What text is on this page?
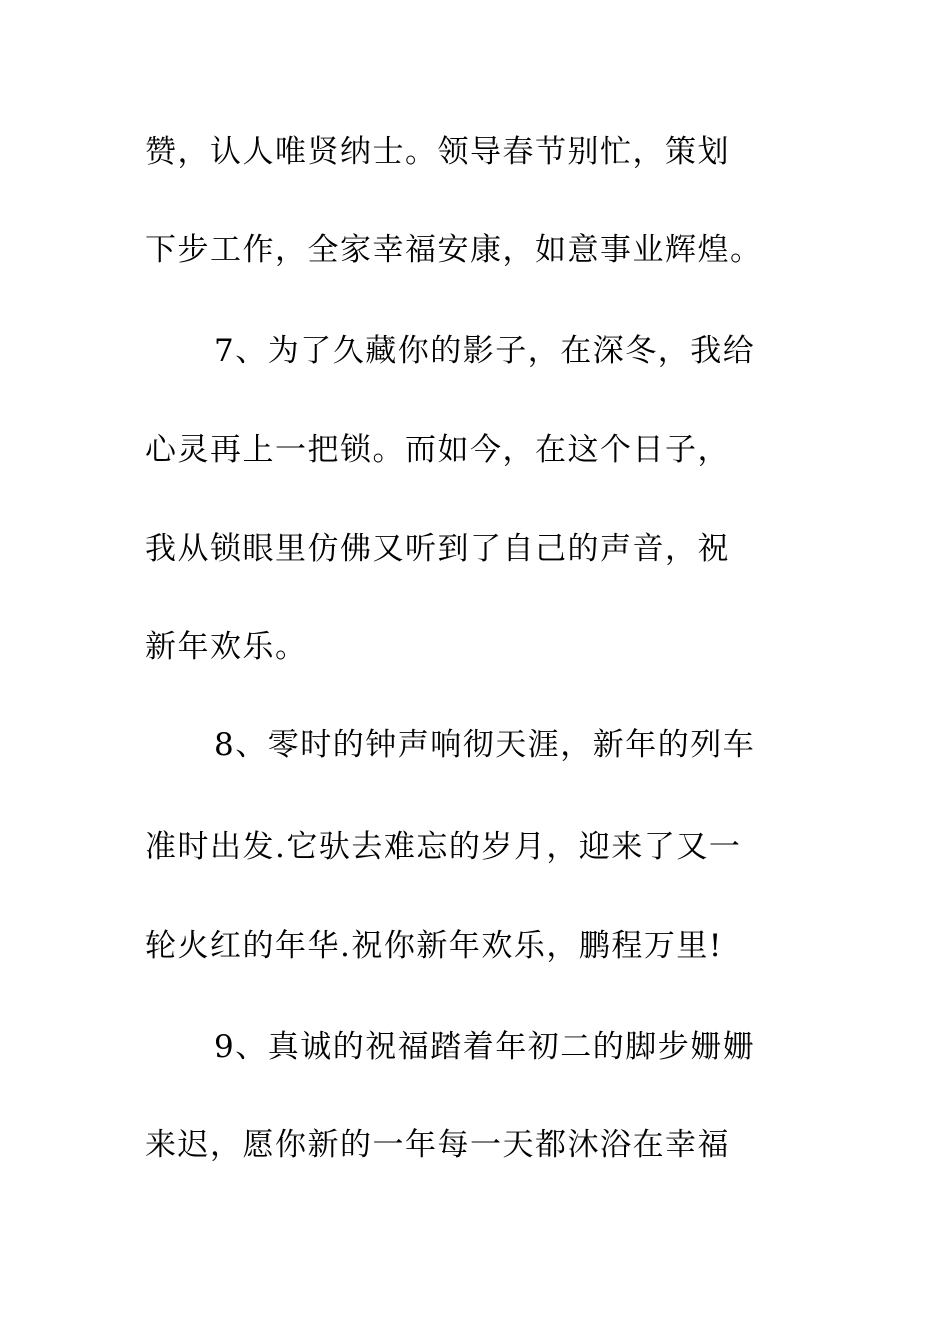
赞，认人唯贤纳士。领导春节别忙，策划
下步工作，全家幸福安康，如意事业辉煌。
7、为了久藏你的影子，在深冬，我给
心灵再上一把锁。而如今，在这个日子，
我从锁眼里仿佛又听到了自己的声音，祝
新年欢乐。
8、零时的钟声响彻天涯，新年的列车
准时出发.它驮去难忘的岁月，迎来了又一
轮火红的年华.祝你新年欢乐，鹏程万里!
9、真诚的祝福踏着年初二的脚步姗姗
来迟，愿你新的一年每一天都沐浴在幸福
